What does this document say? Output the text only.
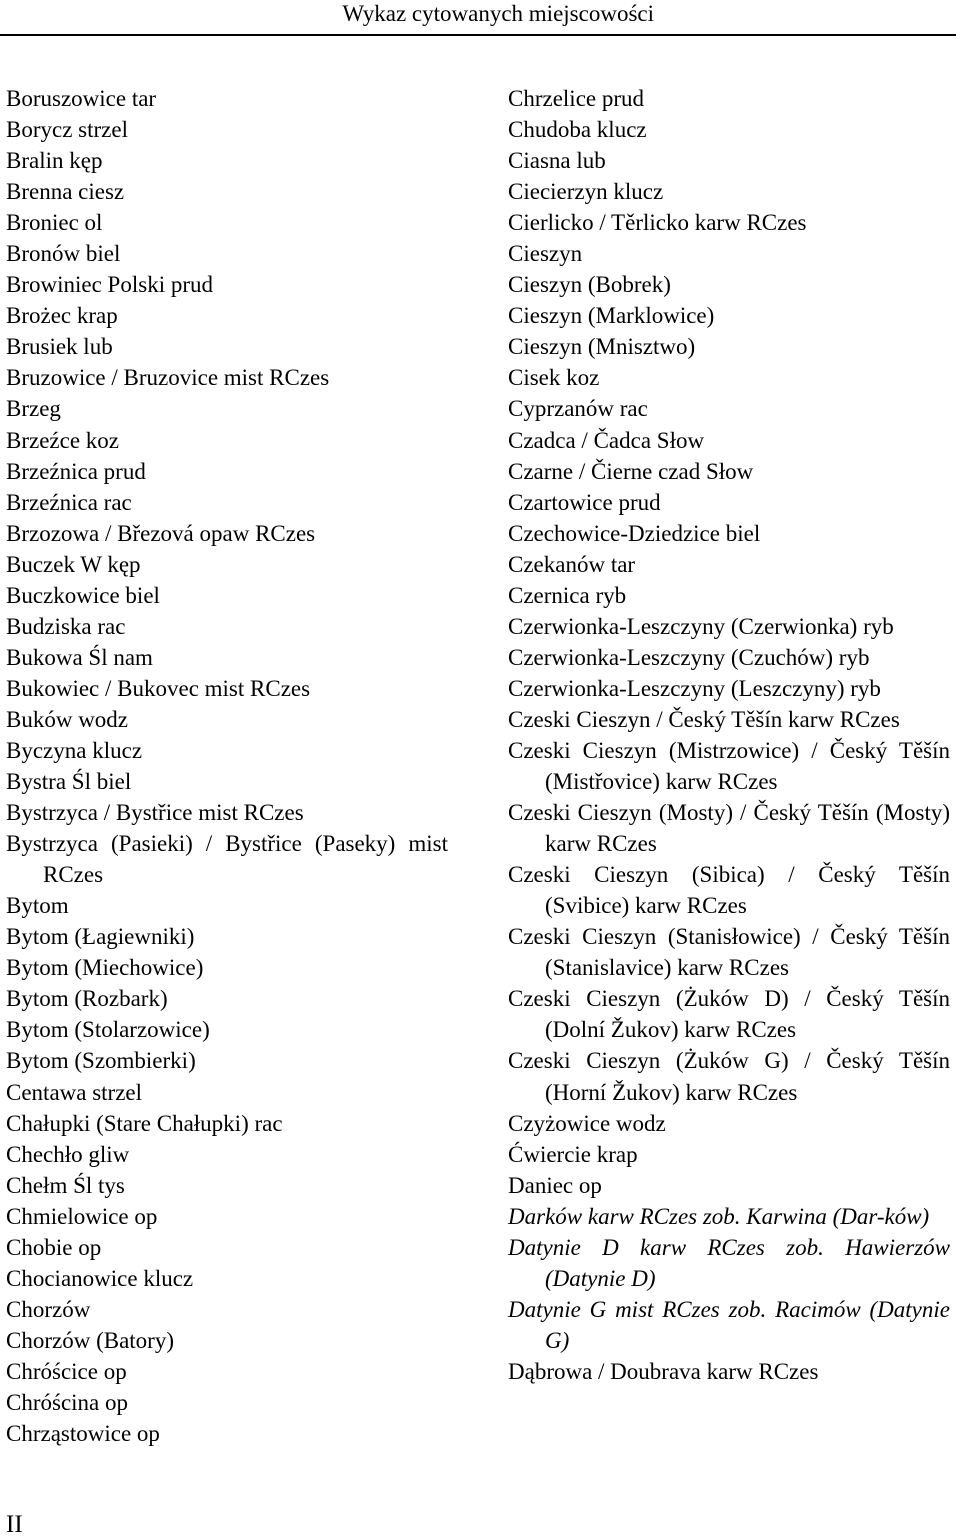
Wykaz cytowanych miejscowości
Boruszowice tar
Borycz strzel
Bralin kęp
Brenna ciesz
Broniec ol
Bronów biel
Browiniec Polski prud
Brożec krap
Brusiek lub
Bruzowice / Bruzovice mist RCzes
Brzeg
Brzeźce koz
Brzeźnica prud
Brzeźnica rac
Brzozowa / Březová opaw RCzes
Buczek W kęp
Buczkowice biel
Budziska rac
Bukowa Śl nam
Bukowiec / Bukovec mist RCzes
Buków wodz
Byczyna klucz
Bystra Śl biel
Bystrzyca / Bystřice mist RCzes
Bystrzyca (Pasieki) / Bystřice (Paseky) mist RCzes
Bytom
Bytom (Łagiewniki)
Bytom (Miechowice)
Bytom (Rozbark)
Bytom (Stolarzowice)
Bytom (Szombierki)
Centawa strzel
Chałupki (Stare Chałupki) rac
Chechło gliw
Chełm Śl tys
Chmielowice op
Chobie op
Chocianowice klucz
Chorzów
Chorzów (Batory)
Chróścice op
Chróścina op
Chrząstowice op
Chrzelice prud
Chudoba klucz
Ciasna lub
Ciecierzyn klucz
Cierlicko / Těrlicko karw RCzes
Cieszyn
Cieszyn (Bobrek)
Cieszyn (Marklowice)
Cieszyn (Mnisztwo)
Cisek koz
Cyprzanów rac
Czadca / Čadca Słow
Czarne / Čierne czad Słow
Czartowice prud
Czechowice-Dziedzice biel
Czekanów tar
Czernica ryb
Czerwionka-Leszczyny (Czerwionka) ryb
Czerwionka-Leszczyny (Czuchów) ryb
Czerwionka-Leszczyny (Leszczyny) ryb
Czeski Cieszyn / Český Těšín karw RCzes
Czeski Cieszyn (Mistrzowice) / Český Těšín (Mistřovice) karw RCzes
Czeski Cieszyn (Mosty) / Český Těšín (Mosty) karw RCzes
Czeski Cieszyn (Sibica) / Český Těšín (Svibice) karw RCzes
Czeski Cieszyn (Stanisłowice) / Český Těšín (Stanislavice) karw RCzes
Czeski Cieszyn (Żuków D) / Český Těšín (Dolní Žukov) karw RCzes
Czeski Cieszyn (Żuków G) / Český Těšín (Horní Žukov) karw RCzes
Czyżowice wodz
Ćwiercie krap
Daniec op
Darków karw RCzes zob. Karwina (Dar-ków)
Datynie D karw RCzes zob. Hawierzów (Datynie D)
Datynie G mist RCzes zob. Racimów (Datynie G)
Dąbrowa / Doubrava karw RCzes
II
